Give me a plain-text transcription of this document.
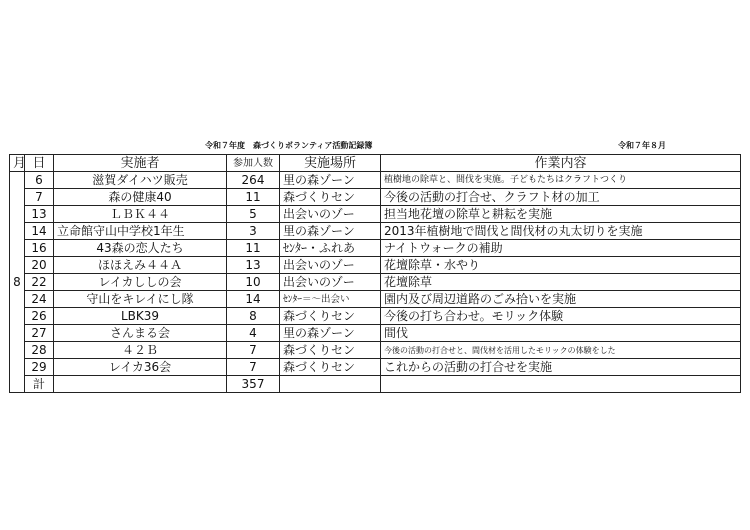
令和７年度　森づくりボランティア活動記録簿	令和７年８月
月	日	実施者	参加人数	実施場所	作業内容
8	6	滋賀ダイハツ販売	264	里の森ゾーン	植樹地の除草と、間伐を実施。子どもたちはクラフトつくり
	7	森の健康40	11	森づくりセン	今後の活動の打合せ、クラフト材の加工
	13	ＬＢＫ４４	5	出会いのゾー	担当地花壇の除草と耕耘を実施
	14	立命館守山中学校1年生	3	里の森ゾーン	2013年植樹地で間伐と間伐材の丸太切りを実施
	16	43森の恋人たち	11	ｾﾝﾀｰ・ふれあ	ナイトウォークの補助
	20	ほほえみ４４Ａ	13	出会いのゾー	花壇除草・水やり
	22	レイカししの会	10	出会いのゾー	花壇除草
	24	守山をキレイにし隊	14	ｾﾝﾀｰ＝～出会い	園内及び周辺道路のごみ拾いを実施
	26	LBK39	8	森づくりセン	今後の打ち合わせ。モリック体験
	27	さんまる会	4	里の森ゾーン	間伐
	28	４２Ｂ	7	森づくりセン	今後の活動の打合せと、間伐材を活用したモリックの体験をした
	29	レイカ36会	7	森づくりセン	これからの活動の打合せを実施
	計		357		
